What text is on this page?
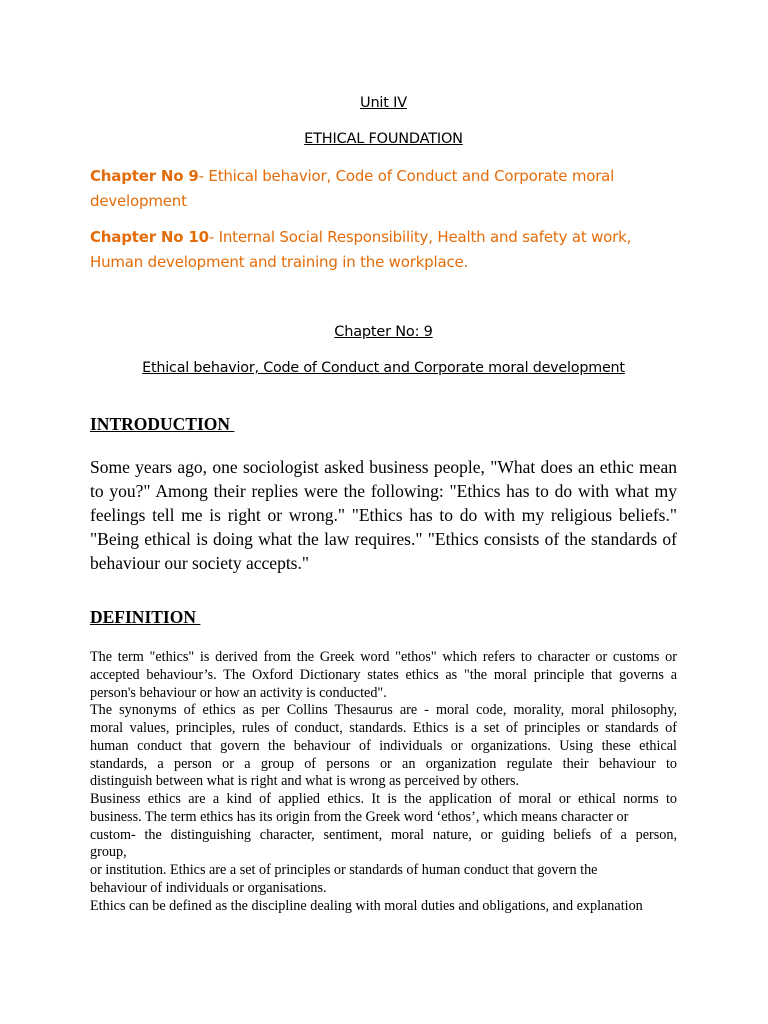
Unit IV
ETHICAL FOUNDATION
Chapter No 9- Ethical behavior, Code of Conduct and Corporate moral development
Chapter No 10- Internal Social Responsibility, Health and safety at work, Human development and training in the workplace.
Chapter No: 9
Ethical behavior, Code of Conduct and Corporate moral development
INTRODUCTION
Some years ago, one sociologist asked business people, "What does an ethic mean to you?" Among their replies were the following: "Ethics has to do with what my feelings tell me is right or wrong." "Ethics has to do with my religious beliefs." "Being ethical is doing what the law requires." "Ethics consists of the standards of behaviour our society accepts."
DEFINITION
The term "ethics" is derived from the Greek word "ethos" which refers to character or customs or
accepted behaviour’s. The Oxford Dictionary states ethics as "the moral principle that governs a
person's behaviour or how an activity is conducted".
The synonyms of ethics as per Collins Thesaurus are - moral code, morality, moral philosophy,
moral values, principles, rules of conduct, standards. Ethics is a set of principles or standards of
human conduct that govern the behaviour of individuals or organizations. Using these ethical
standards, a person or a group of persons or an organization regulate their behaviour to
distinguish between what is right and what is wrong as perceived by others.
Business ethics are a kind of applied ethics. It is the application of moral or ethical norms to
business. The term ethics has its origin from the Greek word ‘ethos’, which means character or
custom- the distinguishing character, sentiment, moral nature, or guiding beliefs of a person,
group,
or institution. Ethics are a set of principles or standards of human conduct that govern the
behaviour of individuals or organisations.
Ethics can be defined as the discipline dealing with moral duties and obligations, and explanation
